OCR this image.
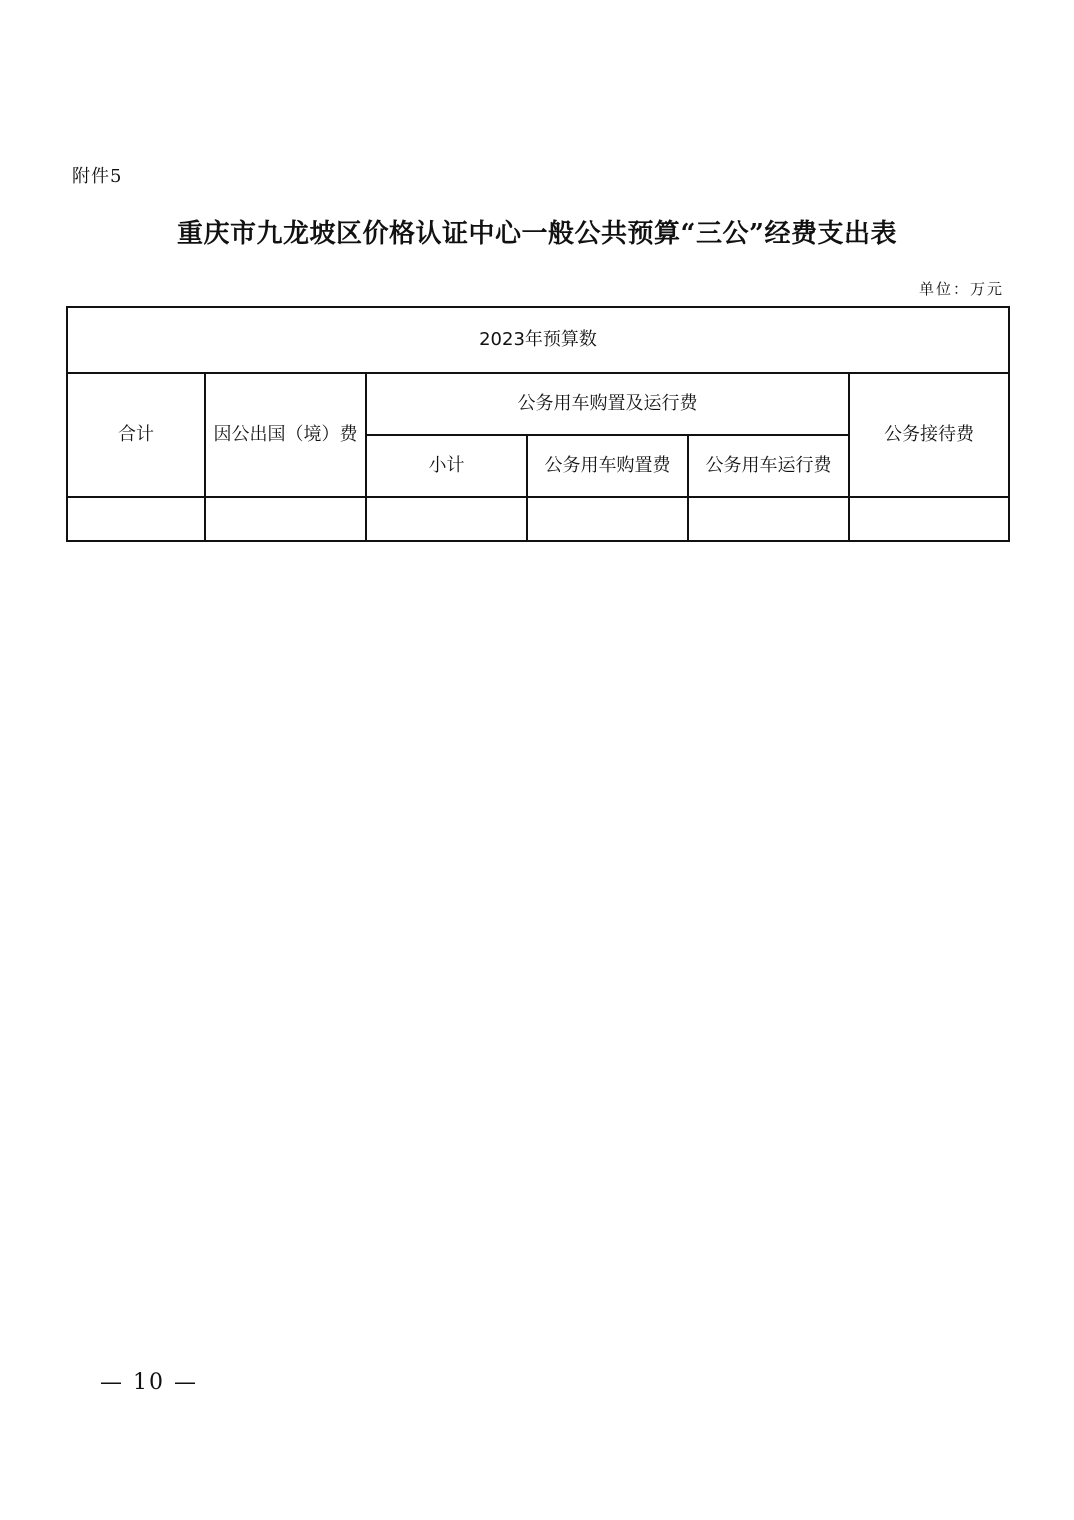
附件5
重庆市九龙坡区价格认证中心一般公共预算“三公”经费支出表
单位：万元
2023年预算数					
合计	因公出国（境）费	公务用车购置及运行费			公务接待费
		小计	公务用车购置费	公务用车运行费	

— 10 —
